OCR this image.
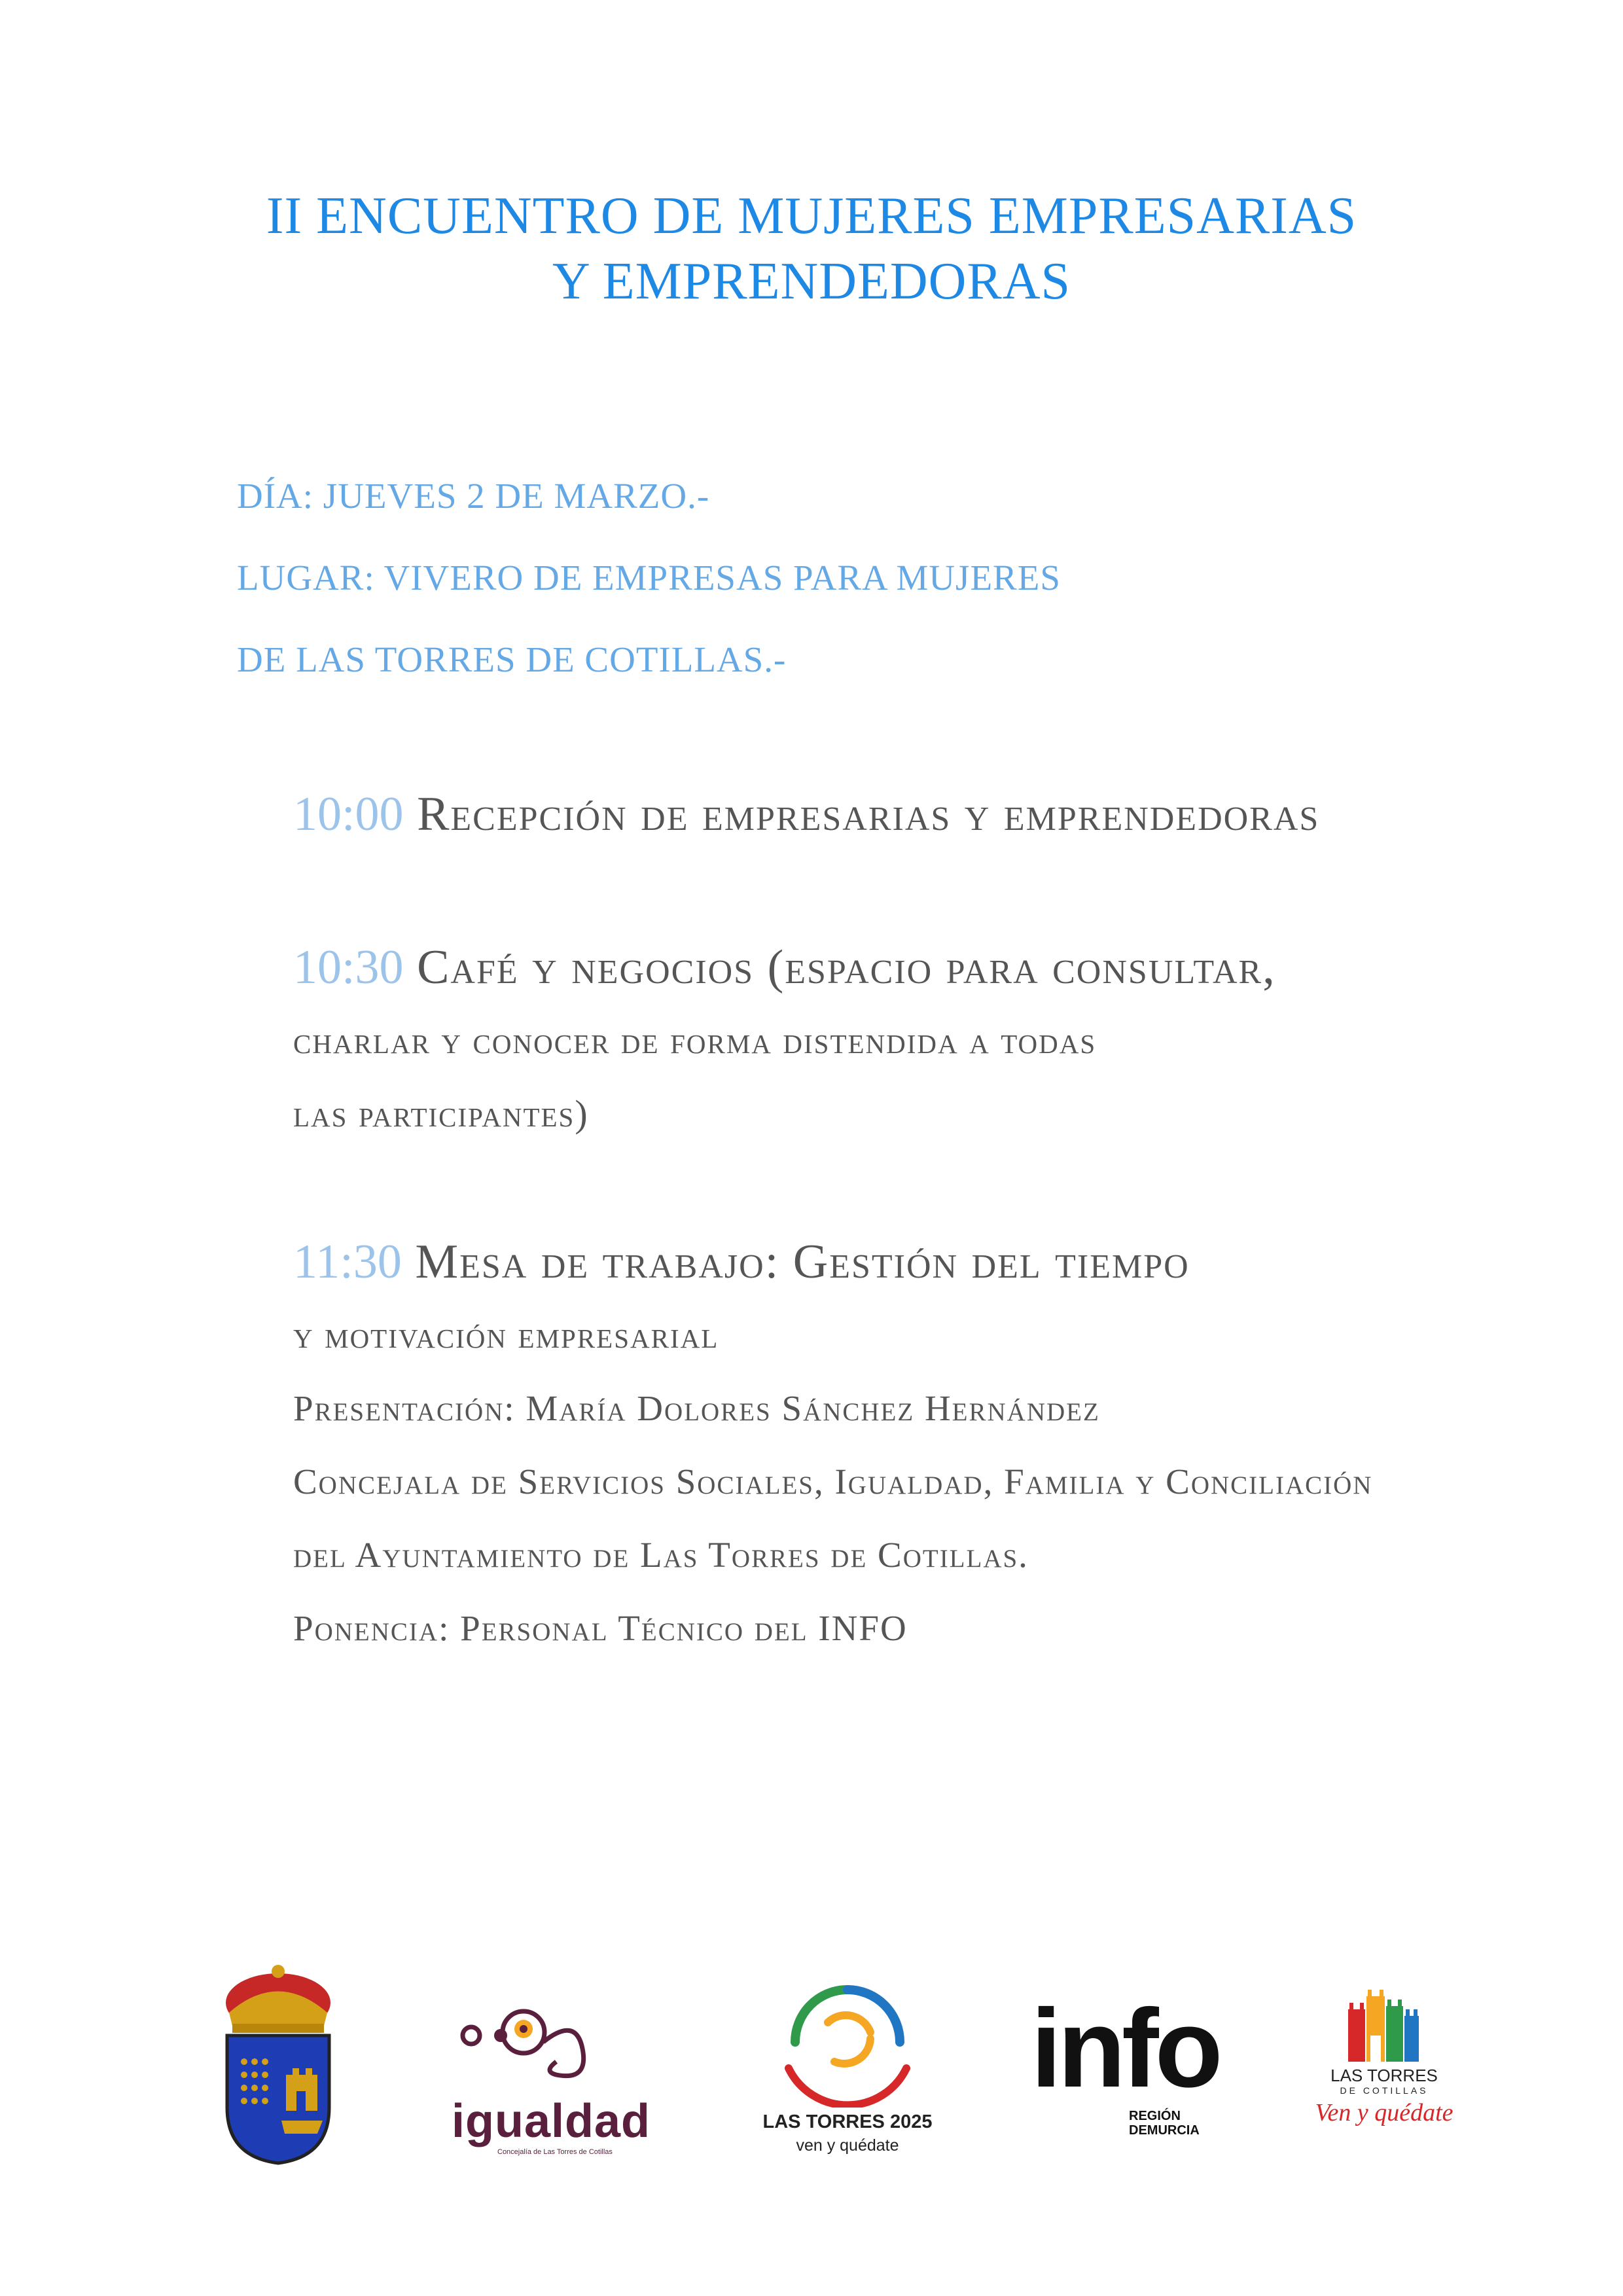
II ENCUENTRO DE MUJERES EMPRESARIAS
Y EMPRENDEDORAS
DÍA: JUEVES 2 DE MARZO.-
LUGAR: VIVERO DE EMPRESAS PARA MUJERES
DE LAS TORRES DE COTILLAS.-
10:00 Recepción de empresarias y emprendedoras
10:30 Café y negocios (espacio para consultar,
charlar y conocer de forma distendida a todas
las participantes)
11:30 Mesa de trabajo: Gestión del tiempo
y motivación empresarial
Presentación: María Dolores Sánchez Hernández
Concejala de Servicios Sociales, Igualdad, Familia y Conciliación
del Ayuntamiento de Las Torres de Cotillas.
Ponencia: Personal Técnico del INFO
igualdad
Concejalía de Las Torres de Cotillas
LAS TORRES 2025
ven y quédate
info
REGIÓN
DEMURCIA
LAS TORRES
DE COTILLAS
Ven y quédate
